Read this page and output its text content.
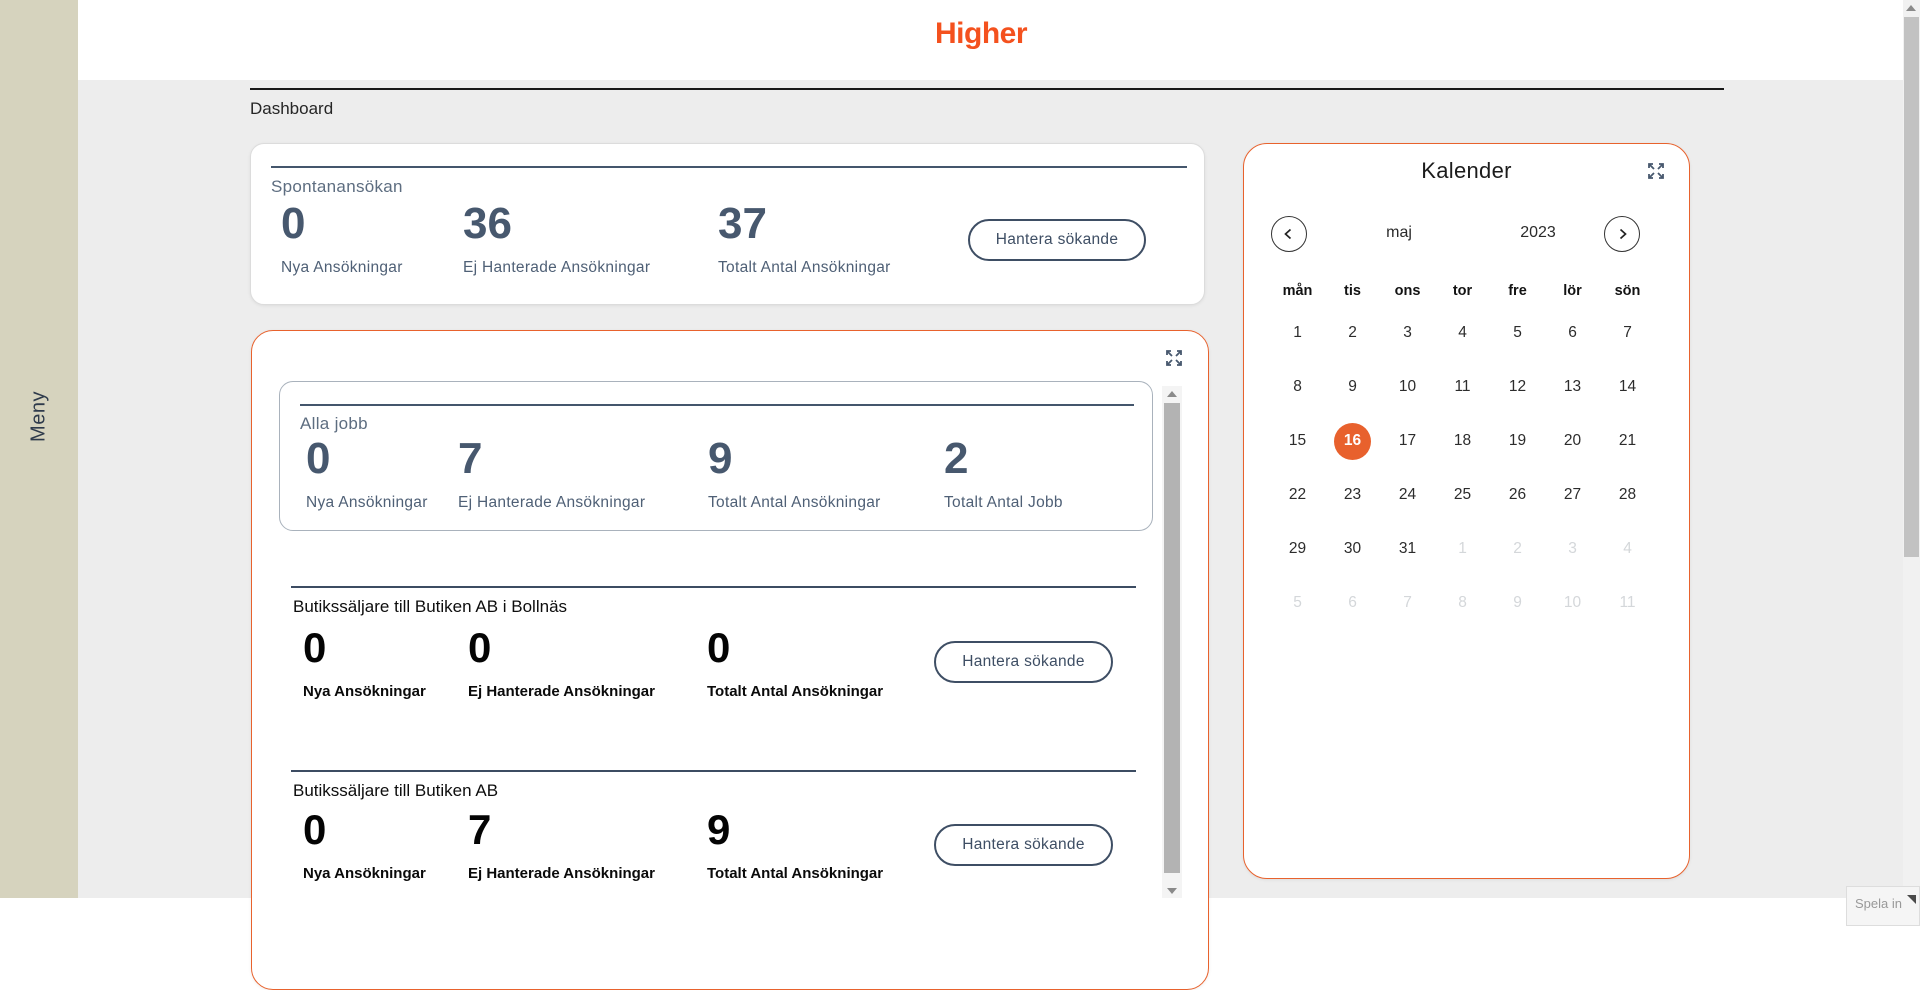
Higher
Meny
Dashboard
Spontanansökan
0
Nya Ansökningar
36
Ej Hanterade Ansökningar
37
Totalt Antal Ansökningar
Hantera sökande
Alla jobb
0
Nya Ansökningar
7
Ej Hanterade Ansökningar
9
Totalt Antal Ansökningar
2
Totalt Antal Jobb
Butikssäljare till Butiken AB i Bollnäs
0
Nya Ansökningar
0
Ej Hanterade Ansökningar
0
Totalt Antal Ansökningar
Hantera sökande
Butikssäljare till Butiken AB
0
Nya Ansökningar
7
Ej Hanterade Ansökningar
9
Totalt Antal Ansökningar
Hantera sökande
Kalender
maj	2023
mån	tis	ons	tor	fre	lör	sön
1	2	3	4	5	6	7
8	9	10	11	12	13	14
15	16	17	18	19	20	21
22	23	24	25	26	27	28
29	30	31	1	2	3	4
5	6	7	8	9	10	11
Spela in
